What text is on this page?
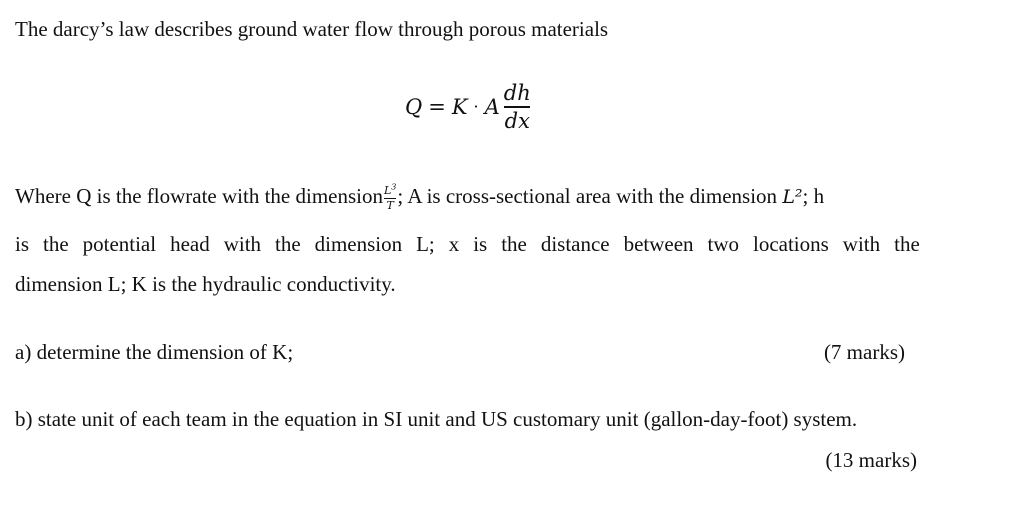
The darcy’s law describes ground water flow through porous materials
Q = K · A $\frac{dh}{dx}$
Where Q is the flowrate with the dimension $\frac{L^3}{T}$ ; A is cross-sectional area with the dimension L²; h
is the potential head with the dimension L; x is the distance between two locations with the
dimension L; K is the hydraulic conductivity.
a) determine the dimension of K;	(7 marks)
b) state unit of each team in the equation in SI unit and US customary unit (gallon-day-foot) system.
(13 marks)
